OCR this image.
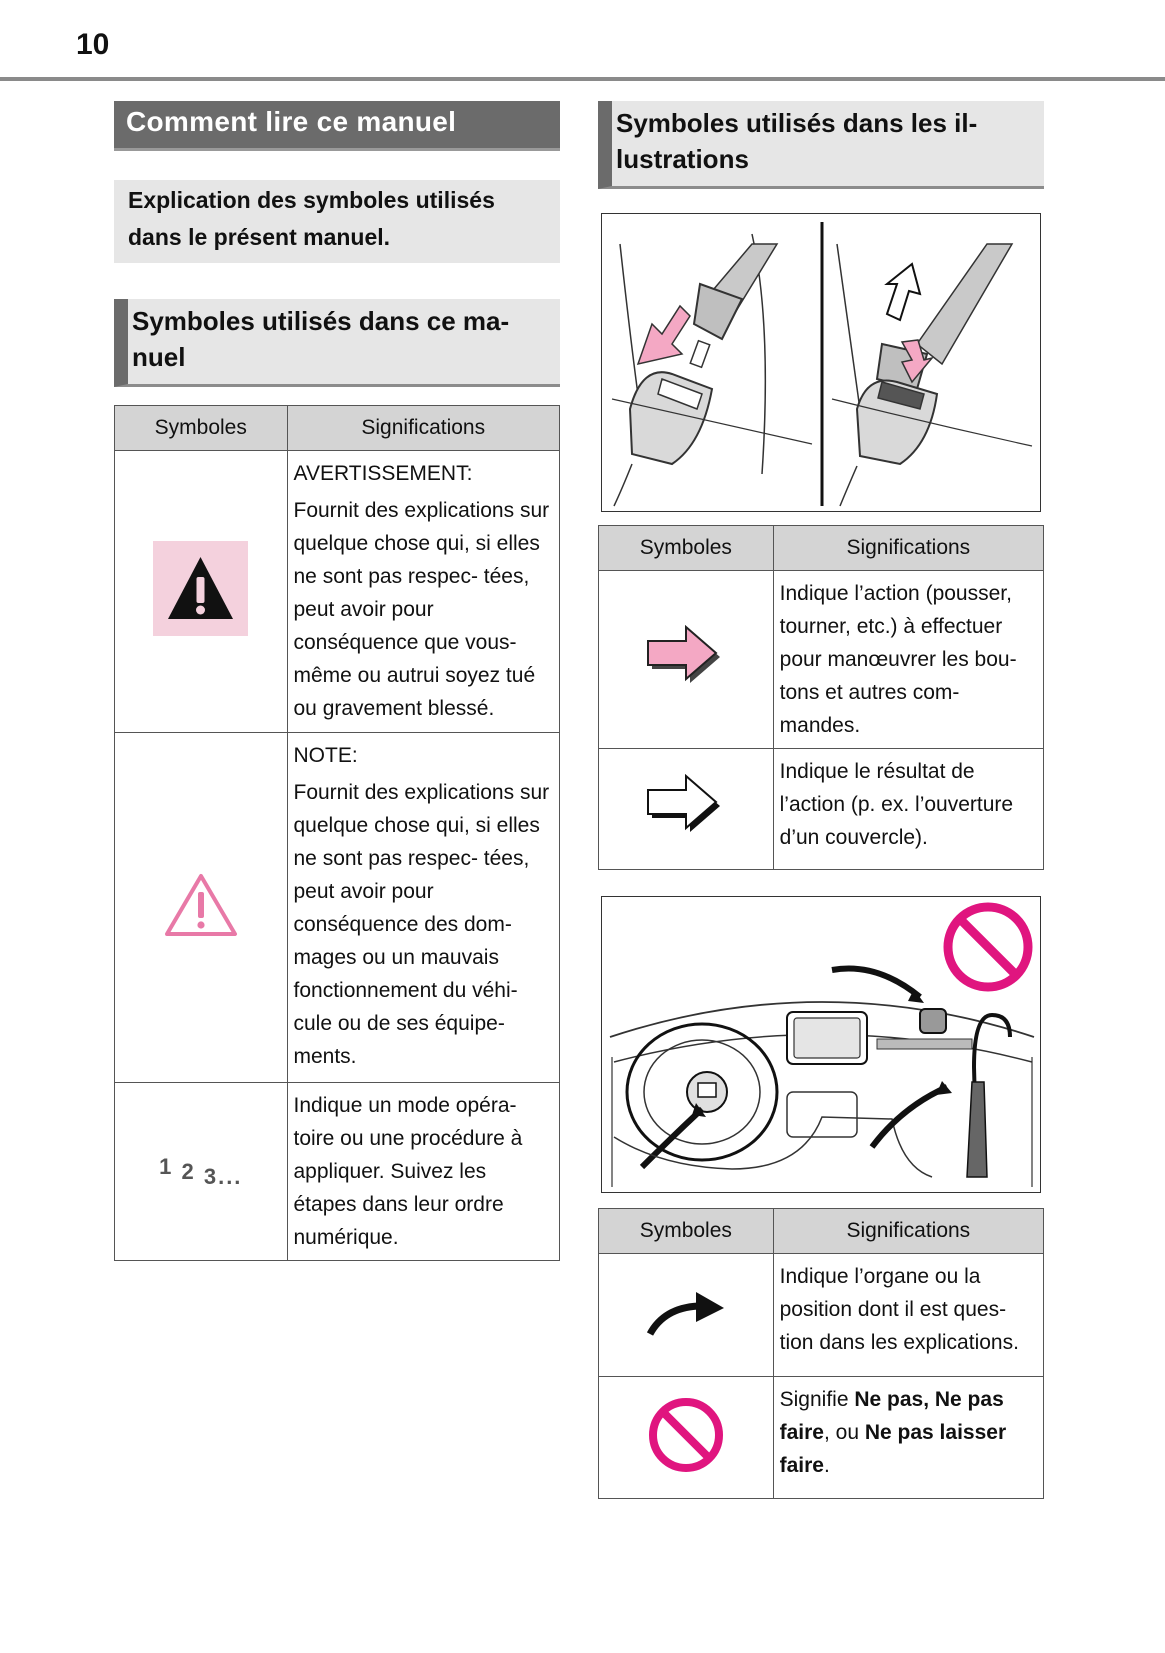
10
Comment lire ce manuel
Explication des symboles utilisés dans le présent manuel.
Symboles utilisés dans ce ma- nuel
Symboles	Significations

AVERTISSEMENT:
Fournit des explications sur quelque chose qui, si elles ne sont pas respec- tées, peut avoir pour conséquence que vous- même ou autrui soyez tué ou gravement blessé.

NOTE:
Fournit des explications sur quelque chose qui, si elles ne sont pas respec- tées, peut avoir pour conséquence des dom- mages ou un mauvais fonctionnement du véhi- cule ou de ses équipe- ments.

1 2 3...	Indique un mode opéra- toire ou une procédure à appliquer. Suivez les étapes dans leur ordre numérique.
Symboles utilisés dans les il- lustrations
Symboles	Significations

Indique l’action (pousser, tourner, etc.) à effectuer pour manœuvrer les bou- tons et autres com- mandes.

Indique le résultat de l’action (p. ex. l’ouverture d’un couvercle).
Symboles	Significations

Indique l’organe ou la position dont il est ques- tion dans les explications.

Signifie Ne pas, Ne pas faire, ou Ne pas laisser faire.
